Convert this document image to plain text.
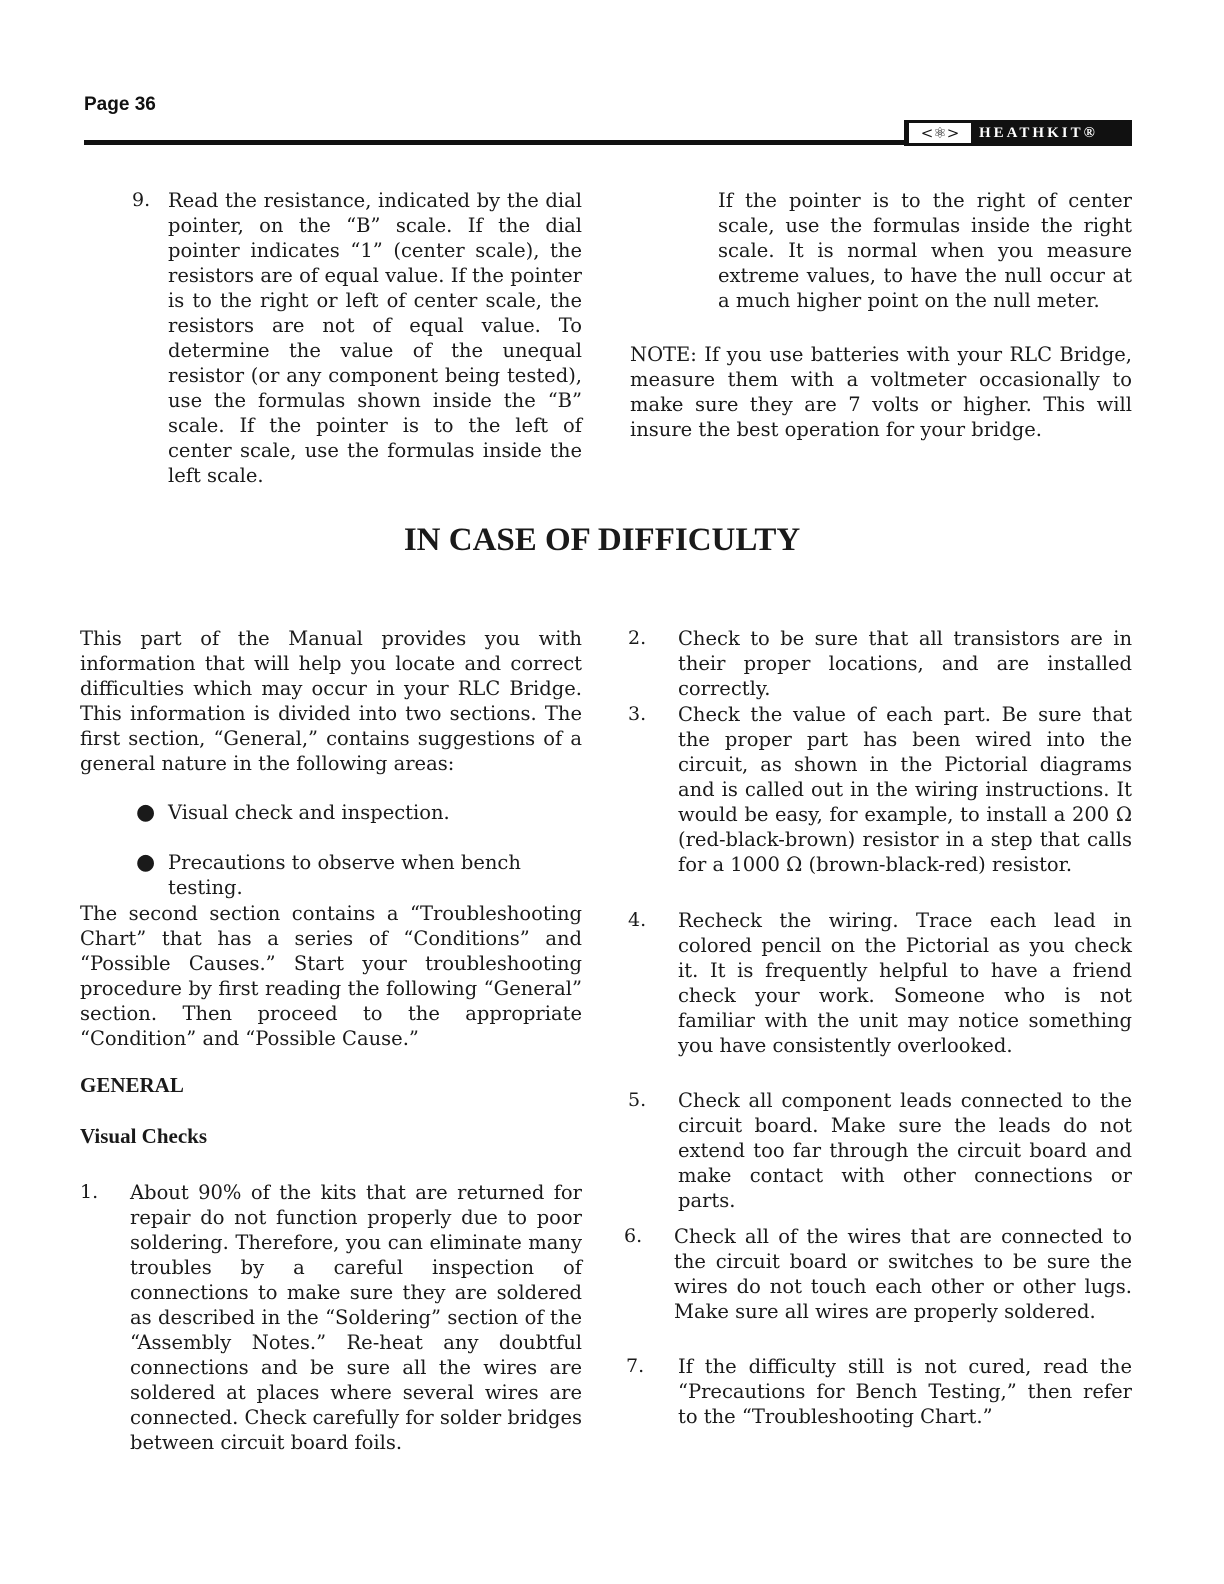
Page 36
<⚛>	HEATHKIT®
9. Read the resistance, indicated by the dial pointer, on the “B” scale. If the dial pointer indicates “1” (center scale), the resistors are of equal value. If the pointer is to the right or left of center scale, the resistors are not of equal value. To determine the value of the unequal resistor (or any component being tested), use the formulas shown inside the “B” scale. If the pointer is to the left of center scale, use the formulas inside the left scale.

If the pointer is to the right of center scale, use the formulas inside the right scale. It is normal when you measure extreme values, to have the null occur at a much higher point on the null meter.

NOTE: If you use batteries with your RLC Bridge, measure them with a voltmeter occasionally to make sure they are 7 volts or higher. This will insure the best operation for your bridge.

IN CASE OF DIFFICULTY

This part of the Manual provides you with information that will help you locate and correct difficulties which may occur in your RLC Bridge. This information is divided into two sections. The first section, “General,” contains suggestions of a general nature in the following areas:

● Visual check and inspection.
● Precautions to observe when bench testing.

The second section contains a “Troubleshooting Chart” that has a series of “Conditions” and “Possible Causes.” Start your troubleshooting procedure by first reading the following “General” section. Then proceed to the appropriate “Condition” and “Possible Cause.”

GENERAL
Visual Checks
1. About 90% of the kits that are returned for repair do not function properly due to poor soldering. Therefore, you can eliminate many troubles by a careful inspection of connections to make sure they are soldered as described in the “Soldering” section of the “Assembly Notes.” Re-heat any doubtful connections and be sure all the wires are soldered at places where several wires are connected. Check carefully for solder bridges between circuit board foils.

2. Check to be sure that all transistors are in their proper locations, and are installed correctly.

3. Check the value of each part. Be sure that the proper part has been wired into the circuit, as shown in the Pictorial diagrams and is called out in the wiring instructions. It would be easy, for example, to install a 200 Ω (red-black-brown) resistor in a step that calls for a 1000 Ω (brown-black-red) resistor.

4. Recheck the wiring. Trace each lead in colored pencil on the Pictorial as you check it. It is frequently helpful to have a friend check your work. Someone who is not familiar with the unit may notice something you have consistently overlooked.

5. Check all component leads connected to the circuit board. Make sure the leads do not extend too far through the circuit board and make contact with other connections or parts.

6. Check all of the wires that are connected to the circuit board or switches to be sure the wires do not touch each other or other lugs. Make sure all wires are properly soldered.

7. If the difficulty still is not cured, read the “Precautions for Bench Testing,” then refer to the “Troubleshooting Chart.”
